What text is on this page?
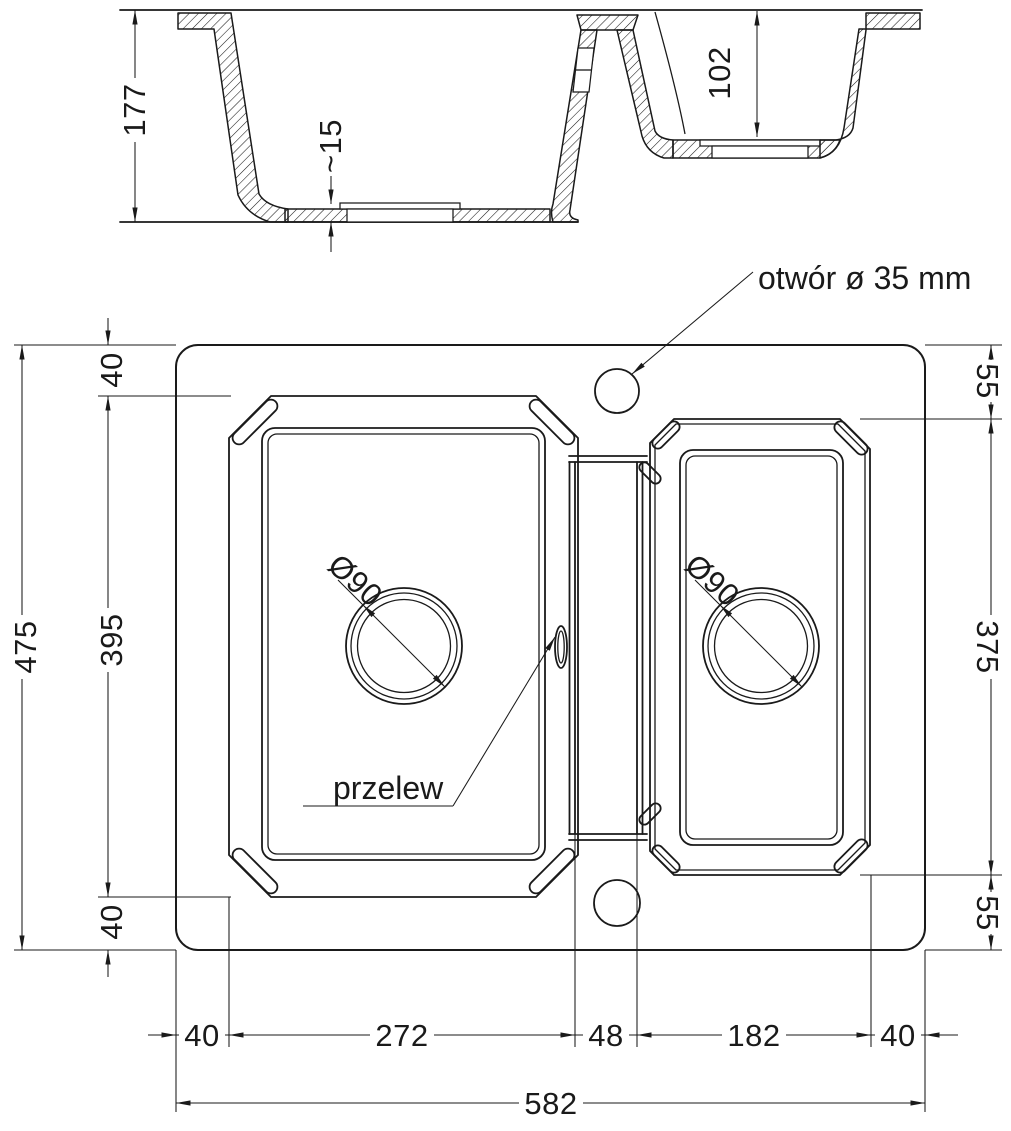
177
~15
102
40
395
40
475
55
375
55
40	272	48	182	40
582
otwór ø 35 mm
przelew
Ø90	Ø90
